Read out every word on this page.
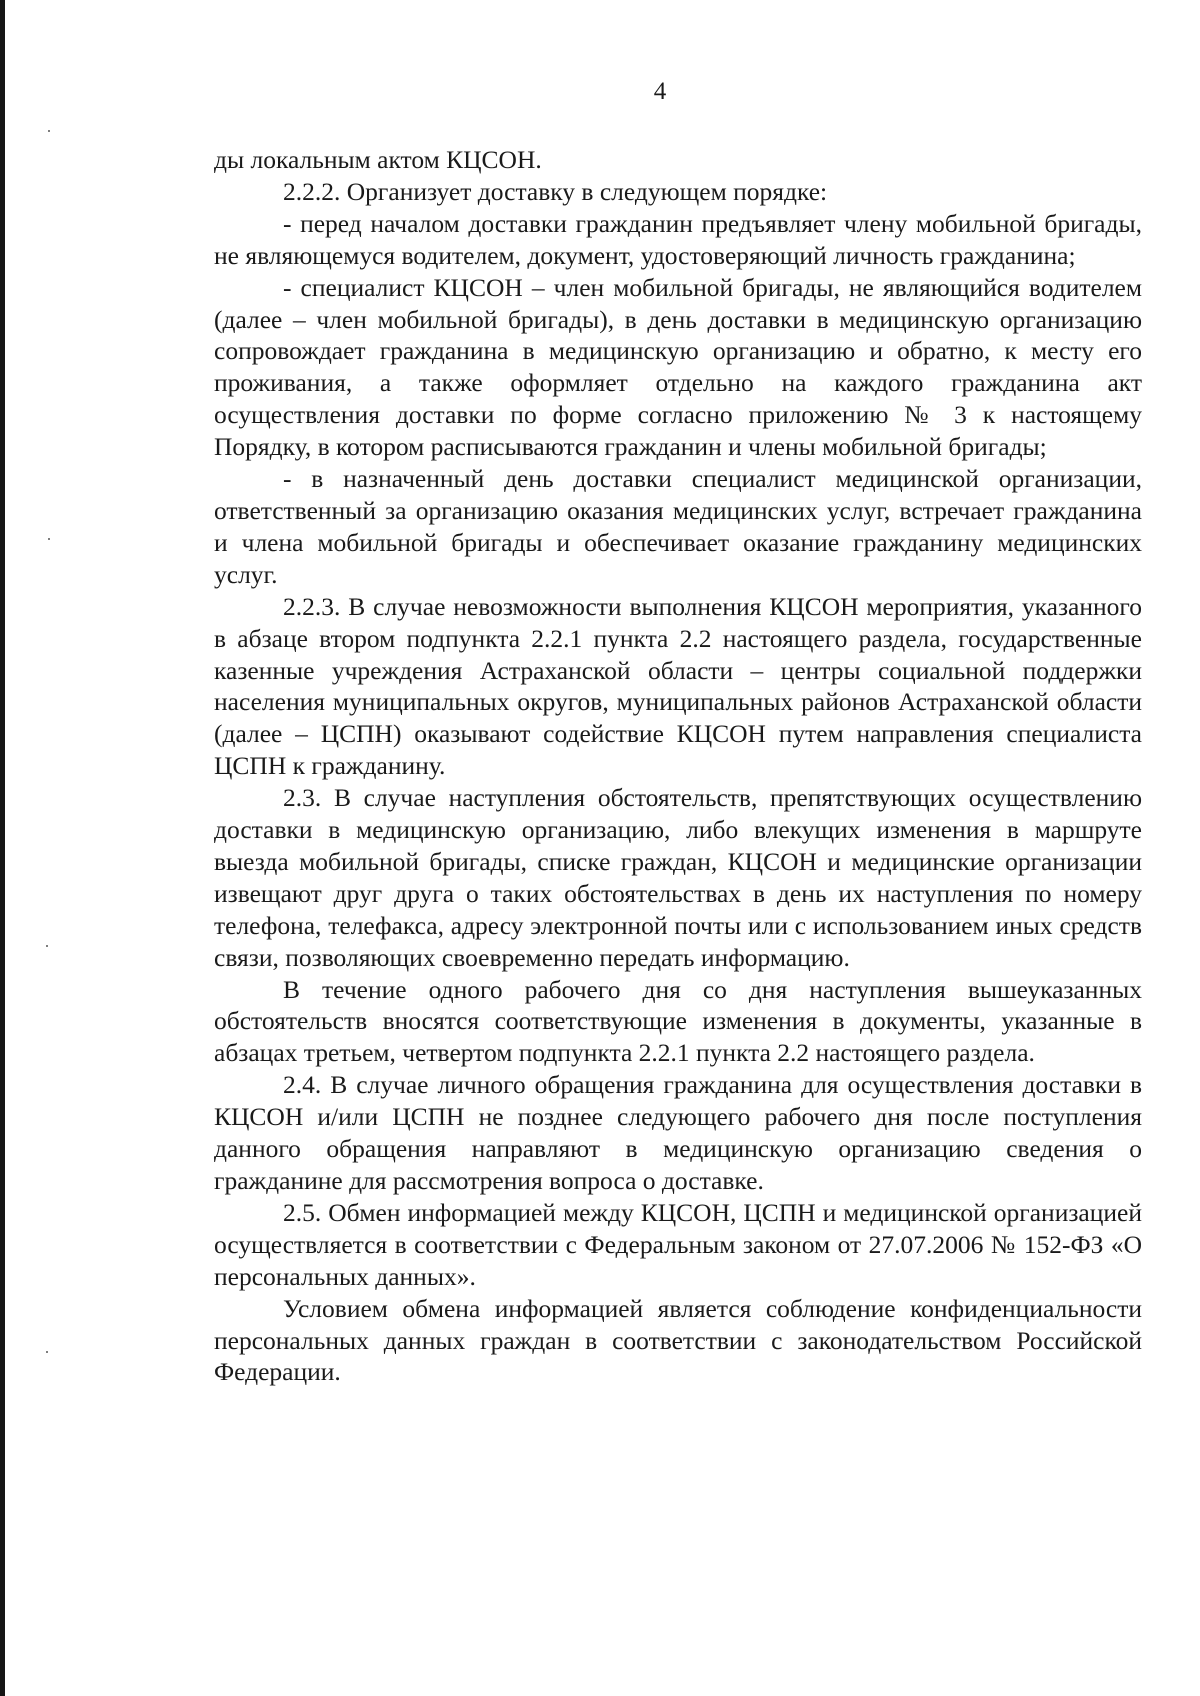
4

ды локальным актом КЦСОН.

2.2.2. Организует доставку в следующем порядке:

- перед началом доставки гражданин предъявляет члену мобильной бригады, не являющемуся водителем, документ, удостоверяющий личность гражданина;

- специалист КЦСОН – член мобильной бригады, не являющийся водителем (далее – член мобильной бригады), в день доставки в медицинскую организацию сопровождает гражданина в медицинскую организацию и обратно, к месту его проживания, а также оформляет отдельно на каждого гражданина акт осуществления доставки по форме согласно приложению № 3 к настоящему Порядку, в котором расписываются гражданин и члены мобильной бригады;

- в назначенный день доставки специалист медицинской организации, ответственный за организацию оказания медицинских услуг, встречает гражданина и члена мобильной бригады и обеспечивает оказание гражданину медицинских услуг.

2.2.3. В случае невозможности выполнения КЦСОН мероприятия, указанного в абзаце втором подпункта 2.2.1 пункта 2.2 настоящего раздела, государственные казенные учреждения Астраханской области – центры социальной поддержки населения муниципальных округов, муниципальных районов Астраханской области (далее – ЦСПН) оказывают содействие КЦСОН путем направления специалиста ЦСПН к гражданину.

2.3. В случае наступления обстоятельств, препятствующих осуществлению доставки в медицинскую организацию, либо влекущих изменения в маршруте выезда мобильной бригады, списке граждан, КЦСОН и медицинские организации извещают друг друга о таких обстоятельствах в день их наступления по номеру телефона, телефакса, адресу электронной почты или с использованием иных средств связи, позволяющих своевременно передать информацию.

В течение одного рабочего дня со дня наступления вышеуказанных обстоятельств вносятся соответствующие изменения в документы, указанные в абзацах третьем, четвертом подпункта 2.2.1 пункта 2.2 настоящего раздела.

2.4. В случае личного обращения гражданина для осуществления доставки в КЦСОН и/или ЦСПН не позднее следующего рабочего дня после поступления данного обращения направляют в медицинскую организацию сведения о гражданине для рассмотрения вопроса о доставке.

2.5. Обмен информацией между КЦСОН, ЦСПН и медицинской организацией осуществляется в соответствии с Федеральным законом от 27.07.2006 № 152-ФЗ «О персональных данных».

Условием обмена информацией является соблюдение конфиденциальности персональных данных граждан в соответствии с законодательством Российской Федерации.
